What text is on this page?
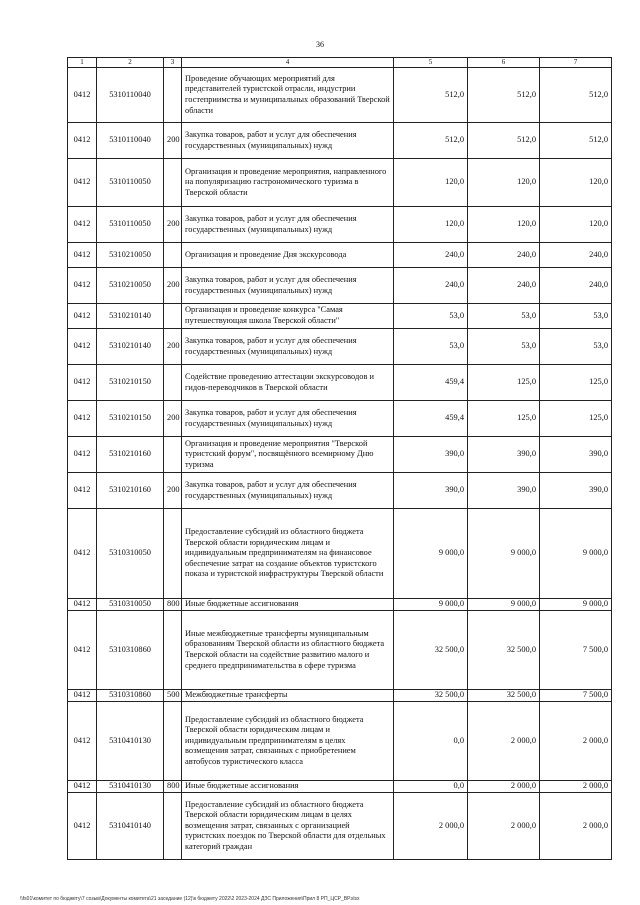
36
1	2	3	4	5	6	7
0412	5310110040		Проведение обучающих мероприятий для представителей туристской отрасли, индустрии гостеприимства и муниципальных образований Тверской области	512,0	512,0	512,0
0412	5310110040	200	Закупка товаров, работ и услуг для обеспечения государственных (муниципальных) нужд	512,0	512,0	512,0
0412	5310110050		Организация и проведение мероприятия, направленного на популяризацию гастрономического туризма в Тверской области	120,0	120,0	120,0
0412	5310110050	200	Закупка товаров, работ и услуг для обеспечения государственных (муниципальных) нужд	120,0	120,0	120,0
0412	5310210050		Организация и проведение Дня экскурсовода	240,0	240,0	240,0
0412	5310210050	200	Закупка товаров, работ и услуг для обеспечения государственных (муниципальных) нужд	240,0	240,0	240,0
0412	5310210140		Организация и проведение конкурса "Самая путешествующая школа Тверской области"	53,0	53,0	53,0
0412	5310210140	200	Закупка товаров, работ и услуг для обеспечения государственных (муниципальных) нужд	53,0	53,0	53,0
0412	5310210150		Содействие проведению аттестации экскурсоводов и гидов-переводчиков в Тверской области	459,4	125,0	125,0
0412	5310210150	200	Закупка товаров, работ и услуг для обеспечения государственных (муниципальных) нужд	459,4	125,0	125,0
0412	5310210160		Организация и проведение мероприятия "Тверской туристский форум", посвящённого всемирному Дню туризма	390,0	390,0	390,0
0412	5310210160	200	Закупка товаров, работ и услуг для обеспечения государственных (муниципальных) нужд	390,0	390,0	390,0
0412	5310310050		Предоставление субсидий из областного бюджета Тверской области юридическим лицам и индивидуальным предпринимателям на финансовое обеспечение затрат на создание объектов туристского показа и туристской инфраструктуры Тверской области	9 000,0	9 000,0	9 000,0
0412	5310310050	800	Иные бюджетные ассигнования	9 000,0	9 000,0	9 000,0
0412	5310310860		Иные межбюджетные трансферты муниципальным образованиям Тверской области из областного бюджета Тверской области на содействие развитию малого и среднего предпринимательства в сфере туризма	32 500,0	32 500,0	7 500,0
0412	5310310860	500	Межбюджетные трансферты	32 500,0	32 500,0	7 500,0
0412	5310410130		Предоставление субсидий из областного бюджета Тверской области юридическим лицам и индивидуальным предпринимателям в целях возмещения затрат, связанных с приобретением автобусов туристического класса	0,0	2 000,0	2 000,0
0412	5310410130	800	Иные бюджетные ассигнования	0,0	2 000,0	2 000,0
0412	5310410140		Предоставление субсидий из областного бюджета Тверской области юридическим лицам в целях возмещения затрат, связанных с организацией туристских поездок по Тверской области для отдельных категорий граждан	2 000,0	2 000,0	2 000,0
\\fs01\комитет по бюджету\7 созыв\Документы комитета\21 заседание (12)\к бюджету 2022\2 2023-2024 ДЗС Приложения\Прил 8 РП_ЦСР_ВР.xlsx
